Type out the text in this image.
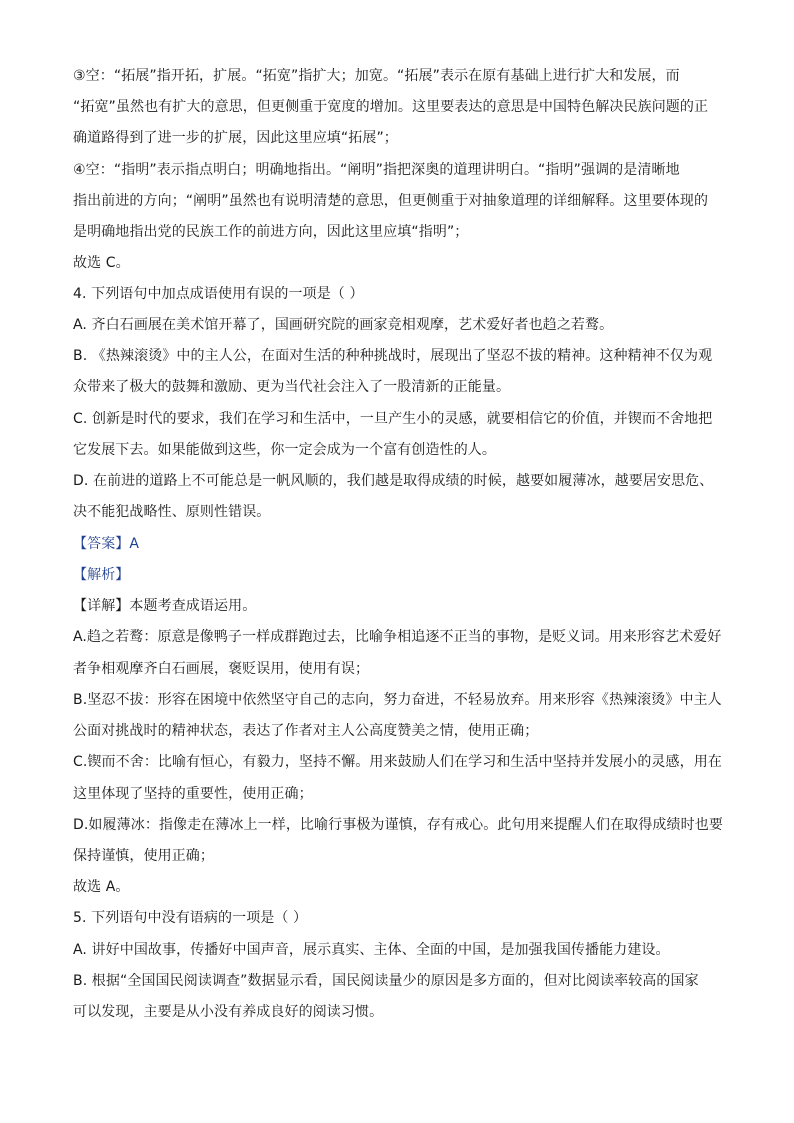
③空：“拓展”指开拓，扩展。“拓宽”指扩大；加宽。“拓展”表示在原有基础上进行扩大和发展，而
“拓宽”虽然也有扩大的意思，但更侧重于宽度的增加。这里要表达的意思是中国特色解决民族问题的正
确道路得到了进一步的扩展，因此这里应填“拓展”；
④空：“指明”表示指点明白；明确地指出。“阐明”指把深奥的道理讲明白。“指明”强调的是清晰地
指出前进的方向；“阐明”虽然也有说明清楚的意思，但更侧重于对抽象道理的详细解释。这里要体现的
是明确地指出党的民族工作的前进方向，因此这里应填“指明”；
故选 C。
4. 下列语句中加点成语使用有误的一项是（ ）
A. 齐白石画展在美术馆开幕了，国画研究院的画家竞相观摩，艺术爱好者也趋之若鹜。
B. 《热辣滚烫》中的主人公，在面对生活的种种挑战时，展现出了坚忍不拔的精神。这种精神不仅为观
众带来了极大的鼓舞和激励、更为当代社会注入了一股清新的正能量。
C. 创新是时代的要求，我们在学习和生活中，一旦产生小的灵感，就要相信它的价值，并锲而不舍地把
它发展下去。如果能做到这些，你一定会成为一个富有创造性的人。
D. 在前进的道路上不可能总是一帆风顺的，我们越是取得成绩的时候，越要如履薄冰，越要居安思危、
决不能犯战略性、原则性错误。
【答案】A
【解析】
【详解】本题考查成语运用。
A.趋之若鹜：原意是像鸭子一样成群跑过去，比喻争相追逐不正当的事物，是贬义词。用来形容艺术爱好
者争相观摩齐白石画展，褒贬误用，使用有误；
B.坚忍不拔：形容在困境中依然坚守自己的志向，努力奋进，不轻易放弃。用来形容《热辣滚烫》中主人
公面对挑战时的精神状态，表达了作者对主人公高度赞美之情，使用正确；
C.锲而不舍：比喻有恒心，有毅力，坚持不懈。用来鼓励人们在学习和生活中坚持并发展小的灵感，用在
这里体现了坚持的重要性，使用正确；
D.如履薄冰：指像走在薄冰上一样，比喻行事极为谨慎，存有戒心。此句用来提醒人们在取得成绩时也要
保持谨慎，使用正确；
故选 A。
5. 下列语句中没有语病的一项是（ ）
A. 讲好中国故事，传播好中国声音，展示真实、主体、全面的中国，是加强我国传播能力建设。
B. 根据“全国国民阅读调查”数据显示看，国民阅读量少的原因是多方面的，但对比阅读率较高的国家
可以发现，主要是从小没有养成良好的阅读习惯。
